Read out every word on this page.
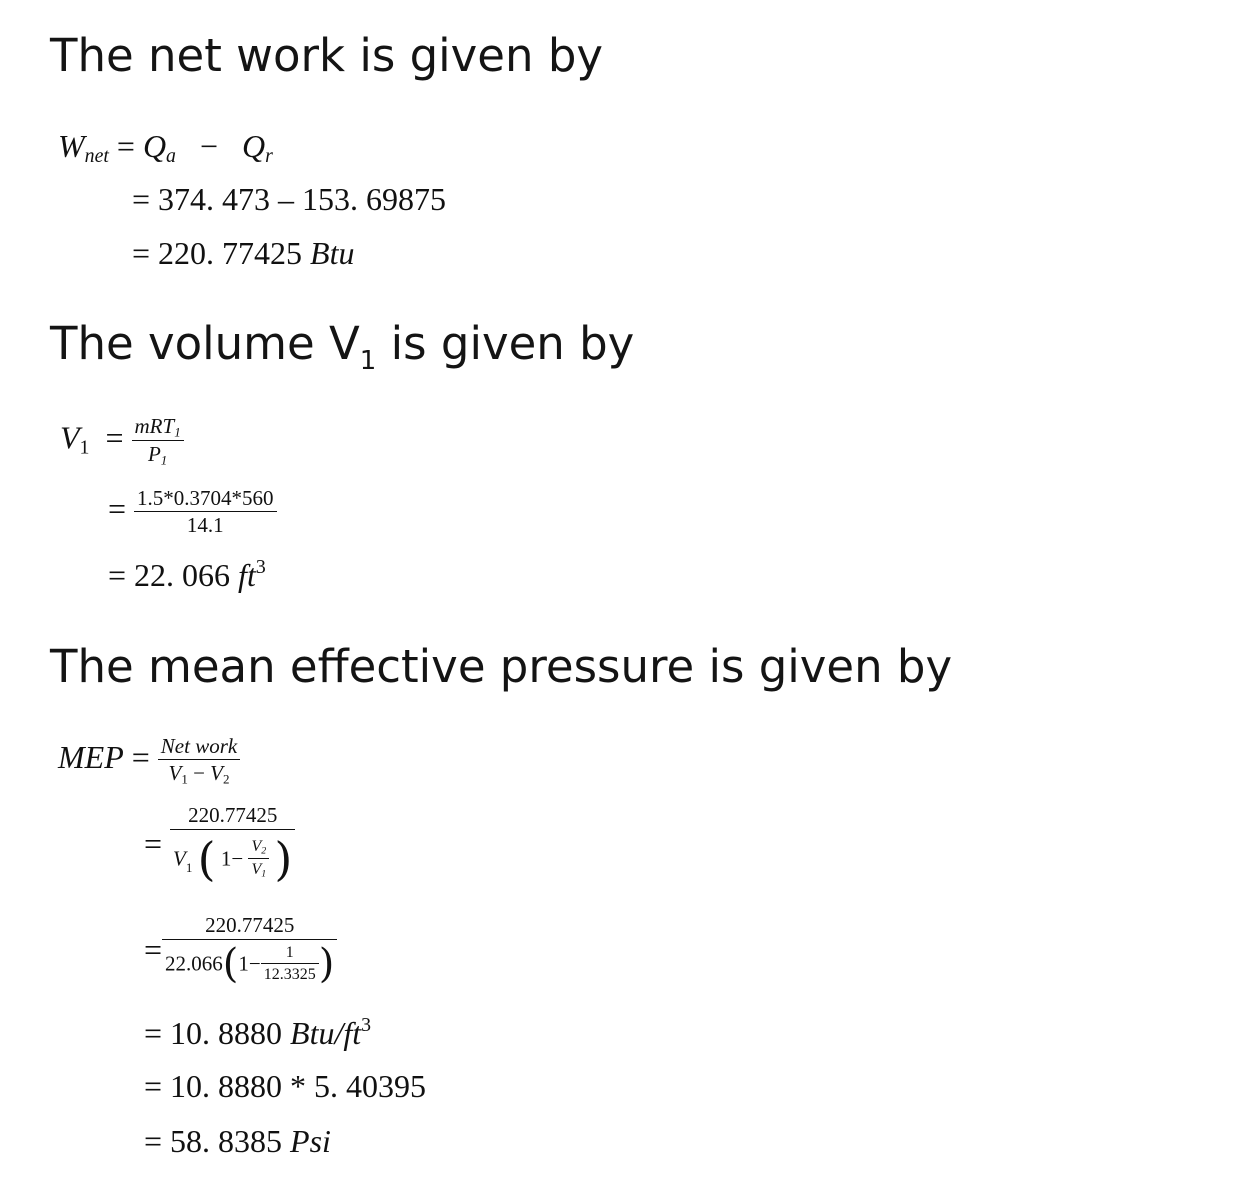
The net work is given by
$W_{net} = Q_a - Q_r$
= 374. 473 – 153. 69875
= 220. 77425 Btu
The volume $V_1$ is given by
$V_1 = \frac{mRT_1}{P_1}$
= $\frac{1.5*0.3704*560}{14.1}$
= 22. 066 $ft^3$
The mean effective pressure is given by
MEP = $\frac{\text{Net work}}{V_1 - V_2}$
=
220.77425
$V_1$ ( $1- \frac{V_2}{V_1}$ )
= $\frac{220.77425}{22.066(1- \frac{1}{12.3325} )}$
= 10. 8880 Btu/$ft^3$
= 10. 8880 * 5. 40395
= 58. 8385 Psi
